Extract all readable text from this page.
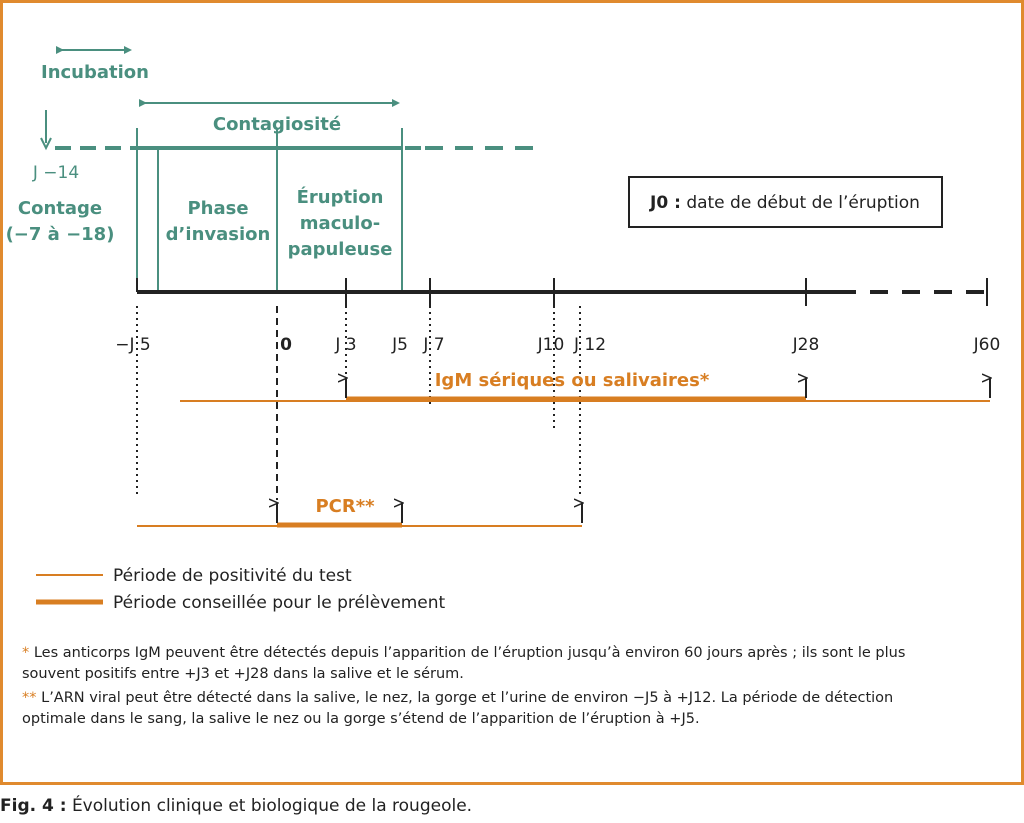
Incubation
Contagiosité
J −14
Contage
(−7 à −18)
Phase
d’invasion
Éruption
maculo-
papuleuse
J0 : date de début de l’éruption
−J 5	0	J 3 J5 J 7	J10 J 12	J28	J60
IgM sériques ou salivaires*
PCR**
Période de positivité du test
Période conseillée pour le prélèvement
* Les anticorps IgM peuvent être détectés depuis l’apparition de l’éruption jusqu’à environ 60 jours après ; ils sont le plus
souvent positifs entre +J3 et +J28 dans la salive et le sérum.
** L’ARN viral peut être détecté dans la salive, le nez, la gorge et l’urine de environ −J5 à +J12. La période de détection
optimale dans le sang, la salive le nez ou la gorge s’étend de l’apparition de l’éruption à +J5.
Fig. 4 : Évolution clinique et biologique de la rougeole.
